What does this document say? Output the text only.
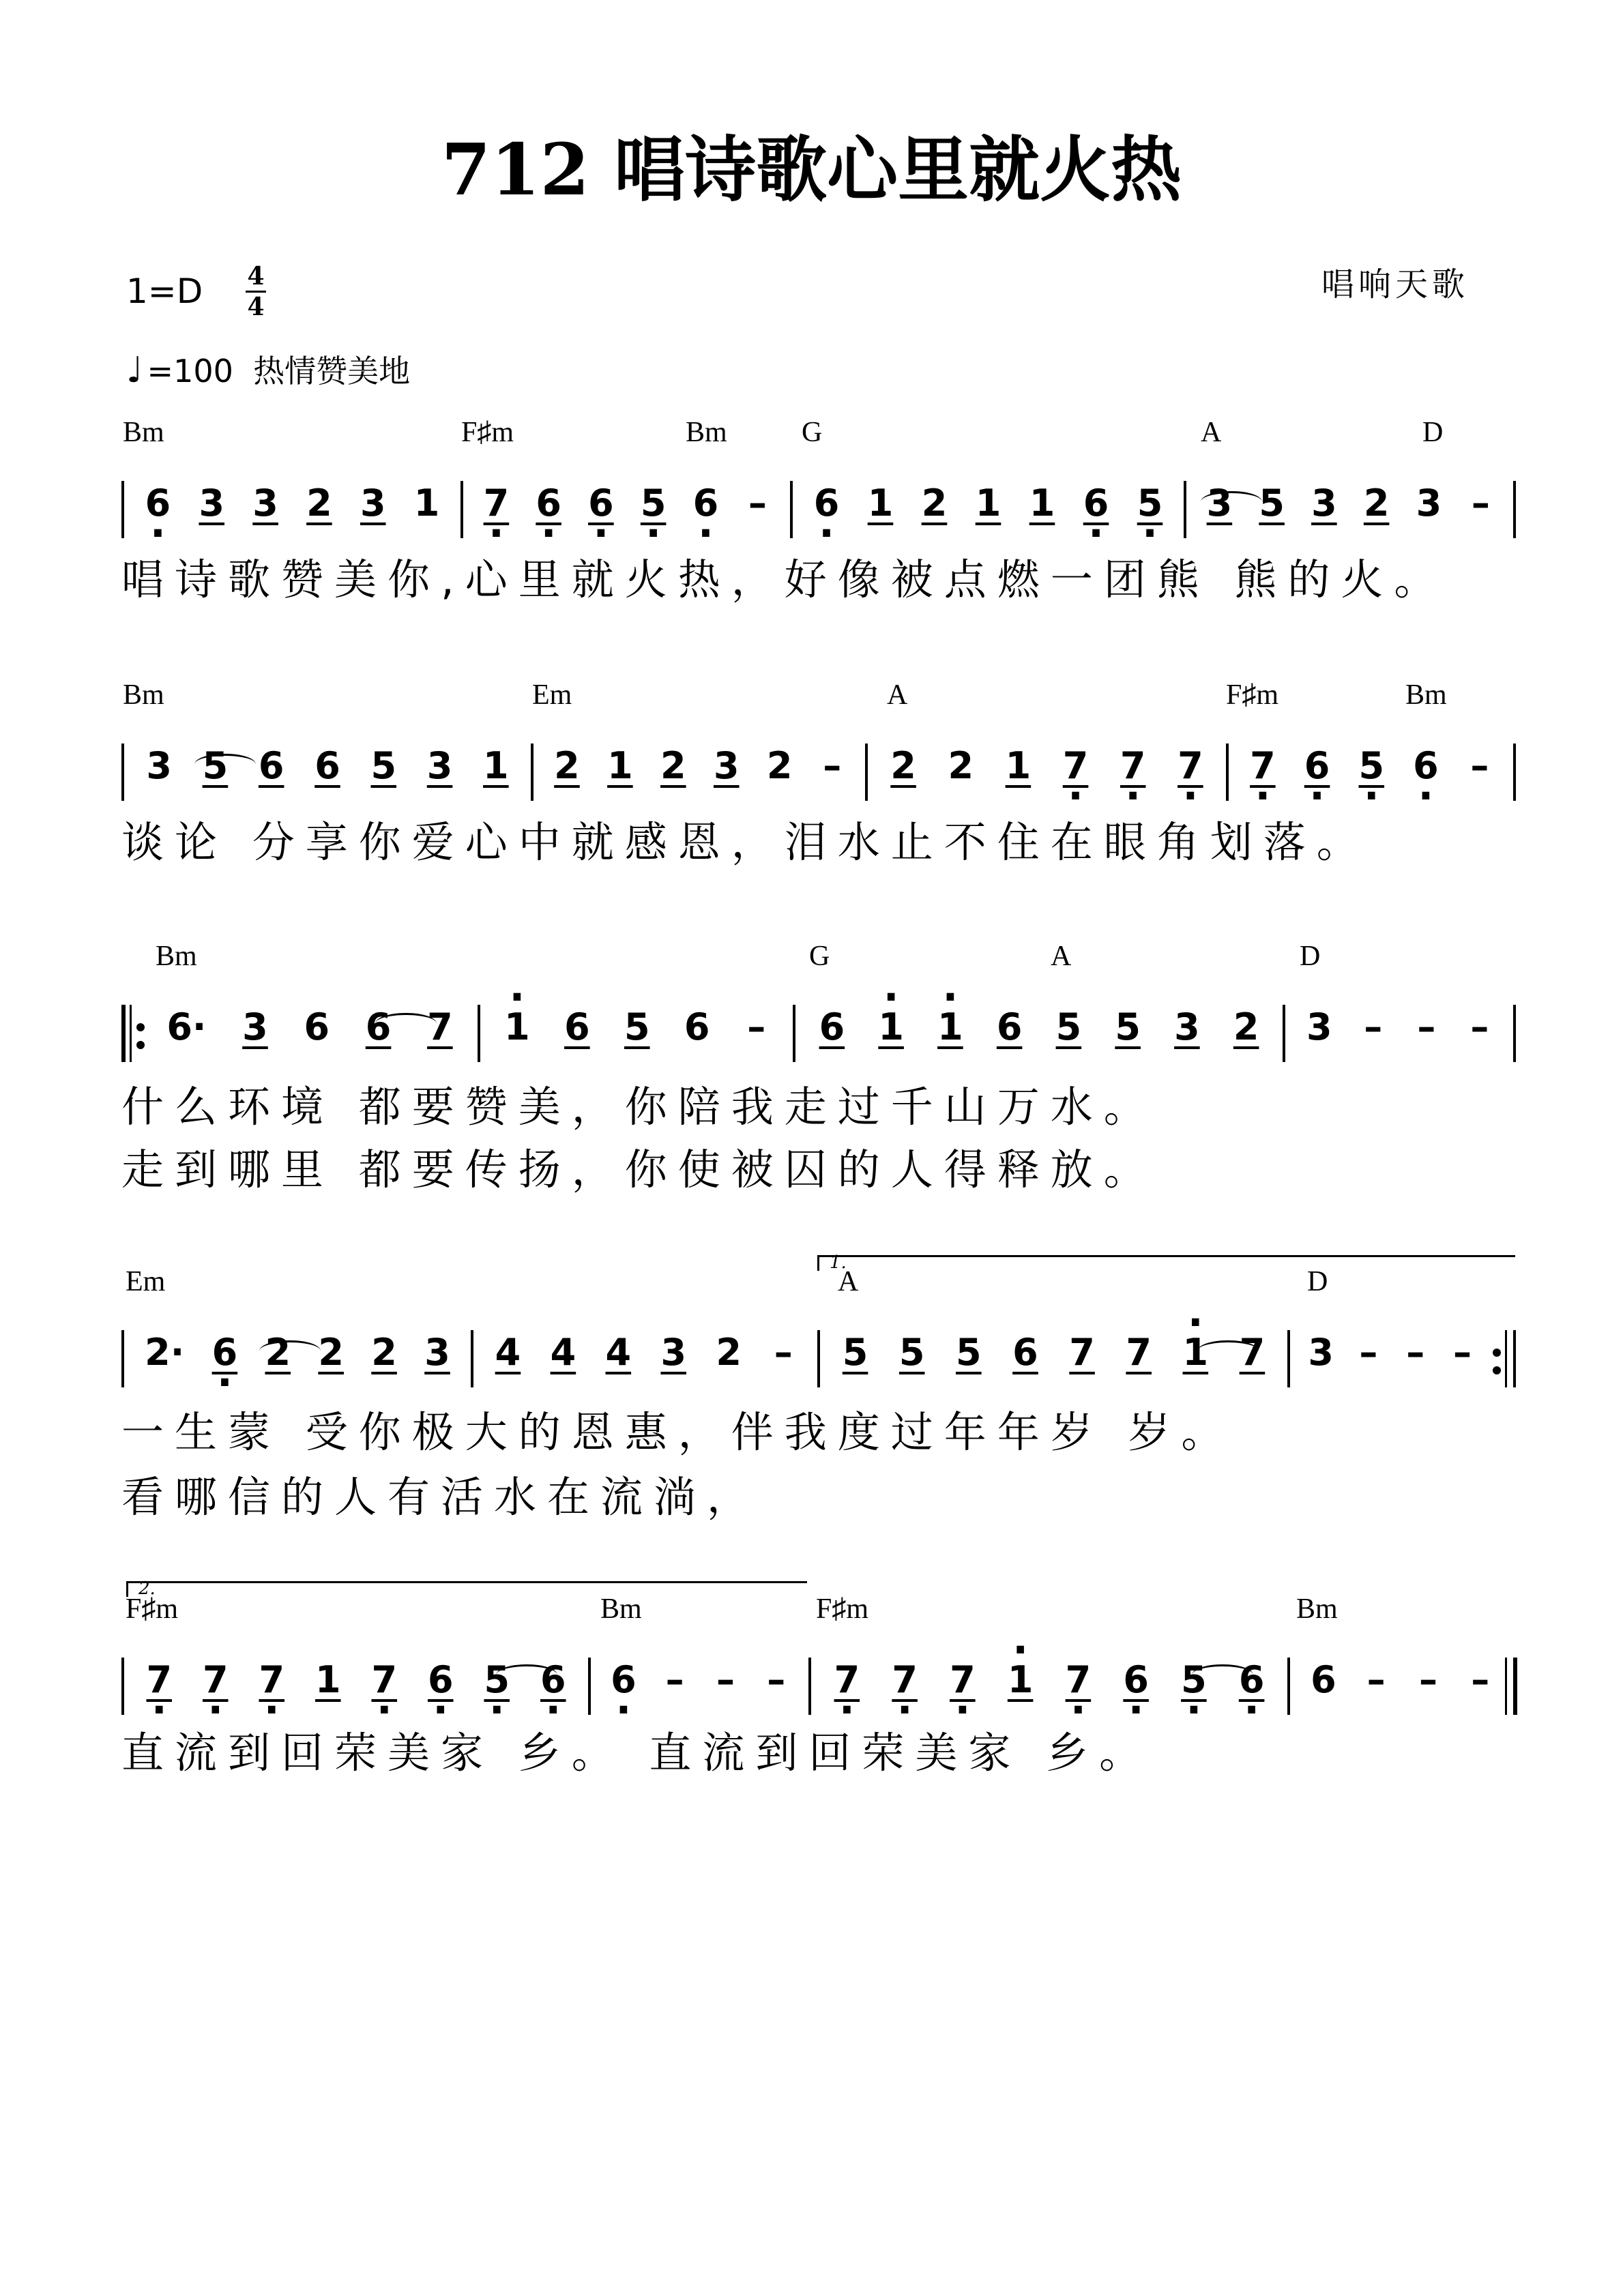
712 唱诗歌心里就火热
1=D 4
4
♩ =100 热情赞美地
唱响天歌
Bm	F♯m	Bm	G	A	D
6 · 3 3 2 3 1 7 · 6 · 6 · 5 · 6 · – 6 · 1 2 1 1 6 · 5 · 3 5 3 2 3 –
唱诗歌赞美你,心里就火热，好像被点燃一团熊 熊的火。
Bm	Em	A	F♯m	Bm
3 5 6 6 5 3 1 2 1 2 3 2 – 2 2 1 7 · 7 · 7 · 7 · 6 · 5 · 6 · –
谈论 分享你爱心中就感恩，泪水止不住在眼角划落。
Bm	G	A	D
6· 3 6 6 7 · 1 6 5 6 – 6 · 1 · 1 6 5 5 3 2 3 – – –
什么环境 都要赞美，你陪我走过千山万水。
走到哪里 都要传扬，你使被囚的人得释放。
Em	A	D
1.
2· 6 · 2 2 2 3 4 4 4 3 2 – 5 5 5 6 7 7 · 1 7 3 – – –
一生蒙 受你极大的恩惠，伴我度过年年岁 岁。
看哪信的人有活水在流淌，
F♯m	Bm	F♯m	Bm
2.
7 · 7 · 7 · 1 7 · 6 · 5 · 6 · 6 · – – – 7 · 7 · 7 · · 1 7 · 6 · 5 · 6 · 6 – – –
直流到回荣美家 乡。 直流到回荣美家 乡。
